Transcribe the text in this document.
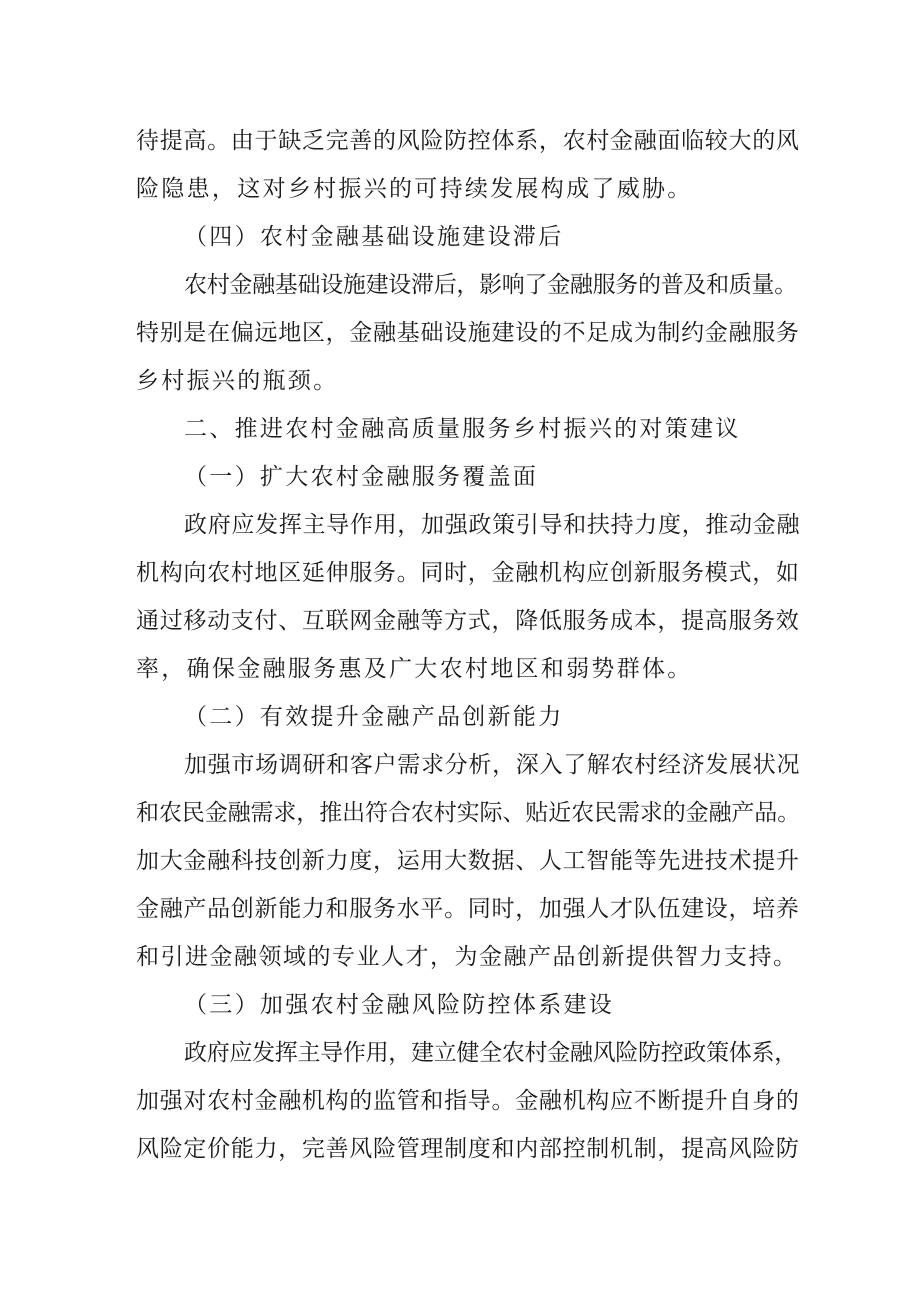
待提高。由于缺乏完善的风险防控体系，农村金融面临较大的风
险隐患，这对乡村振兴的可持续发展构成了威胁。
（四）农村金融基础设施建设滞后
农村金融基础设施建设滞后，影响了金融服务的普及和质量。
特别是在偏远地区，金融基础设施建设的不足成为制约金融服务
乡村振兴的瓶颈。
二、推进农村金融高质量服务乡村振兴的对策建议
（一）扩大农村金融服务覆盖面
政府应发挥主导作用，加强政策引导和扶持力度，推动金融
机构向农村地区延伸服务。同时，金融机构应创新服务模式，如
通过移动支付、互联网金融等方式，降低服务成本，提高服务效
率，确保金融服务惠及广大农村地区和弱势群体。
（二）有效提升金融产品创新能力
加强市场调研和客户需求分析，深入了解农村经济发展状况
和农民金融需求，推出符合农村实际、贴近农民需求的金融产品。
加大金融科技创新力度，运用大数据、人工智能等先进技术提升
金融产品创新能力和服务水平。同时，加强人才队伍建设，培养
和引进金融领域的专业人才，为金融产品创新提供智力支持。
（三）加强农村金融风险防控体系建设
政府应发挥主导作用，建立健全农村金融风险防控政策体系，
加强对农村金融机构的监管和指导。金融机构应不断提升自身的
风险定价能力，完善风险管理制度和内部控制机制，提高风险防
